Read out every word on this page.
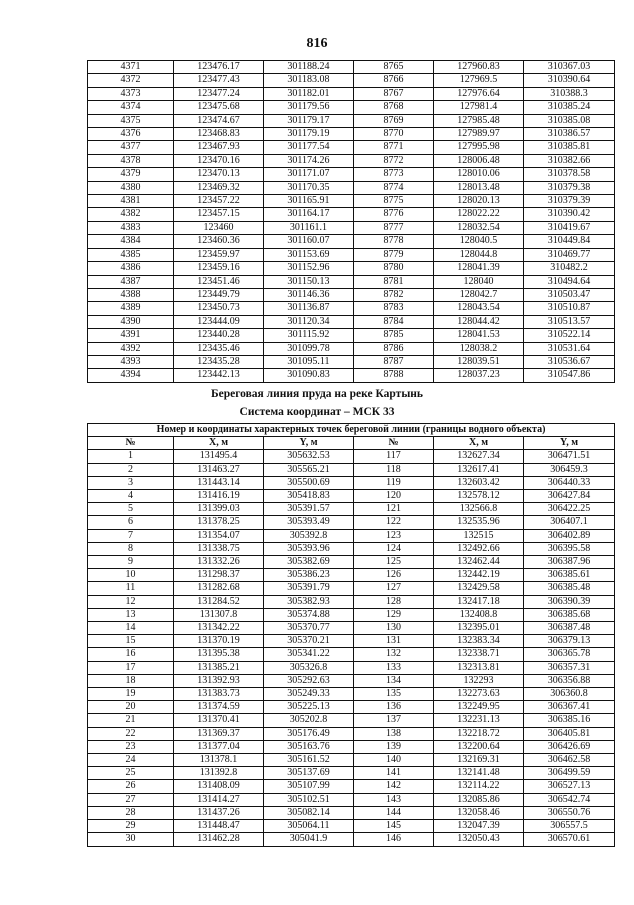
816
4371	123476.17	301188.24	8765	127960.83	310367.03
4372	123477.43	301183.08	8766	127969.5	310390.64
4373	123477.24	301182.01	8767	127976.64	310388.3
4374	123475.68	301179.56	8768	127981.4	310385.24
4375	123474.67	301179.17	8769	127985.48	310385.08
4376	123468.83	301179.19	8770	127989.97	310386.57
4377	123467.93	301177.54	8771	127995.98	310385.81
4378	123470.16	301174.26	8772	128006.48	310382.66
4379	123470.13	301171.07	8773	128010.06	310378.58
4380	123469.32	301170.35	8774	128013.48	310379.38
4381	123457.22	301165.91	8775	128020.13	310379.39
4382	123457.15	301164.17	8776	128022.22	310390.42
4383	123460	301161.1	8777	128032.54	310419.67
4384	123460.36	301160.07	8778	128040.5	310449.84
4385	123459.97	301153.69	8779	128044.8	310469.77
4386	123459.16	301152.96	8780	128041.39	310482.2
4387	123451.46	301150.13	8781	128040	310494.64
4388	123449.79	301146.36	8782	128042.7	310503.47
4389	123450.73	301136.87	8783	128043.54	310510.87
4390	123444.09	301120.34	8784	128044.42	310513.57
4391	123440.28	301115.92	8785	128041.53	310522.14
4392	123435.46	301099.78	8786	128038.2	310531.64
4393	123435.28	301095.11	8787	128039.51	310536.67
4394	123442.13	301090.83	8788	128037.23	310547.86
Береговая линия пруда на реке Картынь
Система координат – МСК 33
Номер и координаты характерных точек береговой линии (границы водного объекта)					
№	X, м	Y, м	№	X, м	Y, м
1	131495.4	305632.53	117	132627.34	306471.51
2	131463.27	305565.21	118	132617.41	306459.3
3	131443.14	305500.69	119	132603.42	306440.33
4	131416.19	305418.83	120	132578.12	306427.84
5	131399.03	305391.57	121	132566.8	306422.25
6	131378.25	305393.49	122	132535.96	306407.1
7	131354.07	305392.8	123	132515	306402.89
8	131338.75	305393.96	124	132492.66	306395.58
9	131332.26	305382.69	125	132462.44	306387.96
10	131298.37	305386.23	126	132442.19	306385.61
11	131282.68	305391.79	127	132429.58	306385.48
12	131284.52	305382.93	128	132417.18	306390.39
13	131307.8	305374.88	129	132408.8	306385.68
14	131342.22	305370.77	130	132395.01	306387.48
15	131370.19	305370.21	131	132383.34	306379.13
16	131395.38	305341.22	132	132338.71	306365.78
17	131385.21	305326.8	133	132313.81	306357.31
18	131392.93	305292.63	134	132293	306356.88
19	131383.73	305249.33	135	132273.63	306360.8
20	131374.59	305225.13	136	132249.95	306367.41
21	131370.41	305202.8	137	132231.13	306385.16
22	131369.37	305176.49	138	132218.72	306405.81
23	131377.04	305163.76	139	132200.64	306426.69
24	131378.1	305161.52	140	132169.31	306462.58
25	131392.8	305137.69	141	132141.48	306499.59
26	131408.09	305107.99	142	132114.22	306527.13
27	131414.27	305102.51	143	132085.86	306542.74
28	131437.26	305082.14	144	132058.46	306550.76
29	131448.47	305064.11	145	132047.39	306557.5
30	131462.28	305041.9	146	132050.43	306570.61
